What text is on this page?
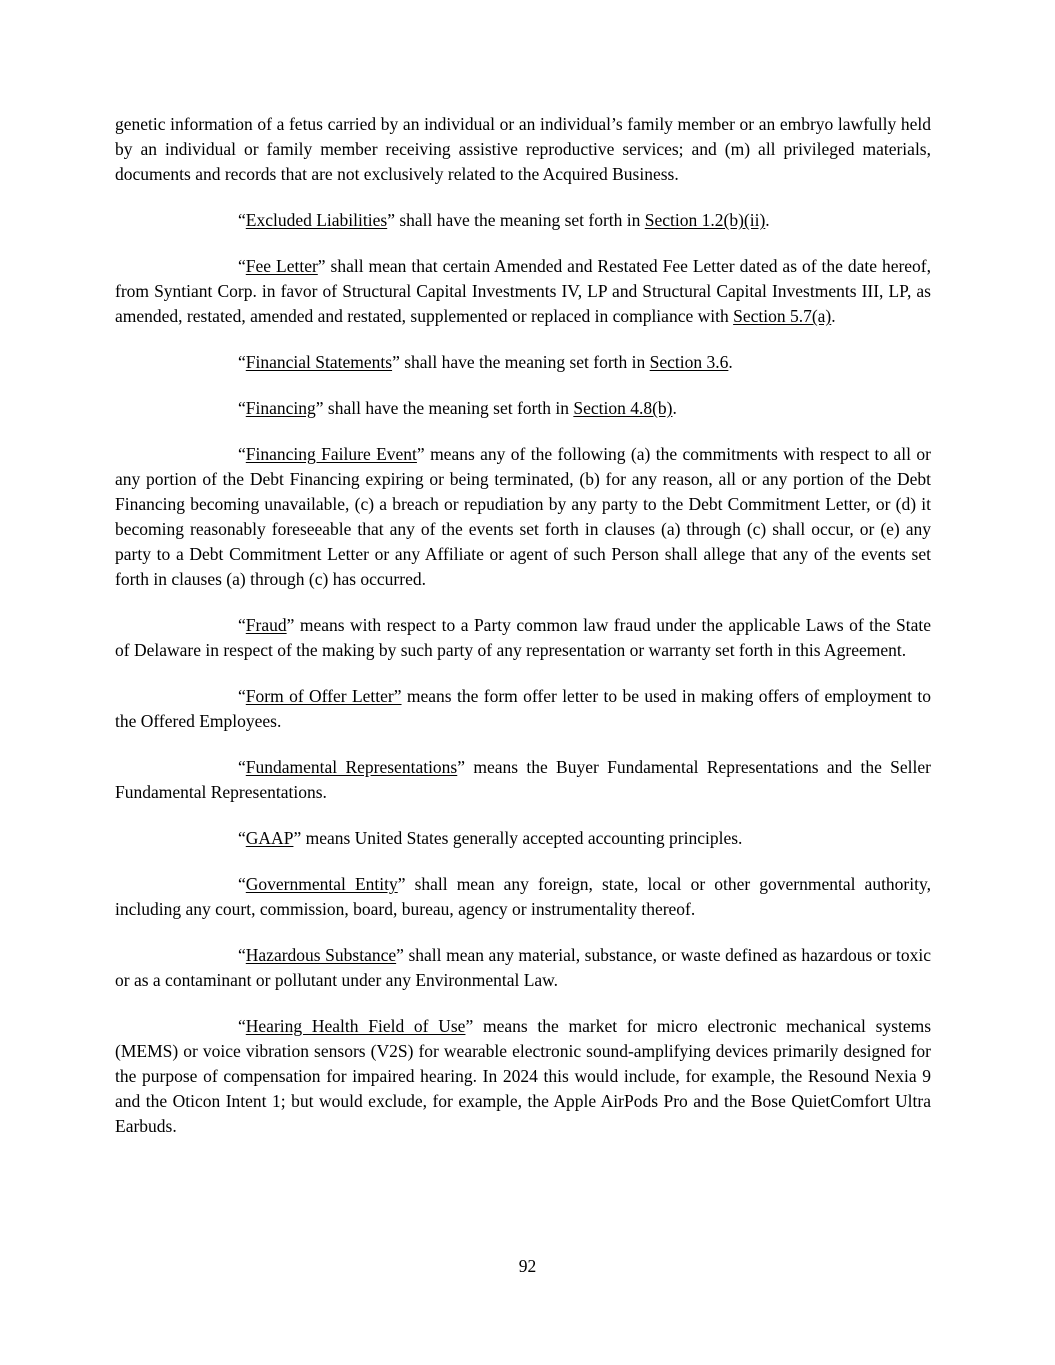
genetic information of a fetus carried by an individual or an individual’s family member or an embryo lawfully held by an individual or family member receiving assistive reproductive services; and (m) all privileged materials, documents and records that are not exclusively related to the Acquired Business.

“Excluded Liabilities” shall have the meaning set forth in Section 1.2(b)(ii).

“Fee Letter” shall mean that certain Amended and Restated Fee Letter dated as of the date hereof, from Syntiant Corp. in favor of Structural Capital Investments IV, LP and Structural Capital Investments III, LP, as amended, restated, amended and restated, supplemented or replaced in compliance with Section 5.7(a).

“Financial Statements” shall have the meaning set forth in Section 3.6.

“Financing” shall have the meaning set forth in Section 4.8(b).

“Financing Failure Event” means any of the following (a) the commitments with respect to all or any portion of the Debt Financing expiring or being terminated, (b) for any reason, all or any portion of the Debt Financing becoming unavailable, (c) a breach or repudiation by any party to the Debt Commitment Letter, or (d) it becoming reasonably foreseeable that any of the events set forth in clauses (a) through (c) shall occur, or (e) any party to a Debt Commitment Letter or any Affiliate or agent of such Person shall allege that any of the events set forth in clauses (a) through (c) has occurred.

“Fraud” means with respect to a Party common law fraud under the applicable Laws of the State of Delaware in respect of the making by such party of any representation or warranty set forth in this Agreement.

“Form of Offer Letter” means the form offer letter to be used in making offers of employment to the Offered Employees.

“Fundamental Representations” means the Buyer Fundamental Representations and the Seller Fundamental Representations.

“GAAP” means United States generally accepted accounting principles.

“Governmental Entity” shall mean any foreign, state, local or other governmental authority, including any court, commission, board, bureau, agency or instrumentality thereof.

“Hazardous Substance” shall mean any material, substance, or waste defined as hazardous or toxic or as a contaminant or pollutant under any Environmental Law.

“Hearing Health Field of Use” means the market for micro electronic mechanical systems (MEMS) or voice vibration sensors (V2S) for wearable electronic sound-amplifying devices primarily designed for the purpose of compensation for impaired hearing. In 2024 this would include, for example, the Resound Nexia 9 and the Oticon Intent 1; but would exclude, for example, the Apple AirPods Pro and the Bose QuietComfort Ultra Earbuds.

92
